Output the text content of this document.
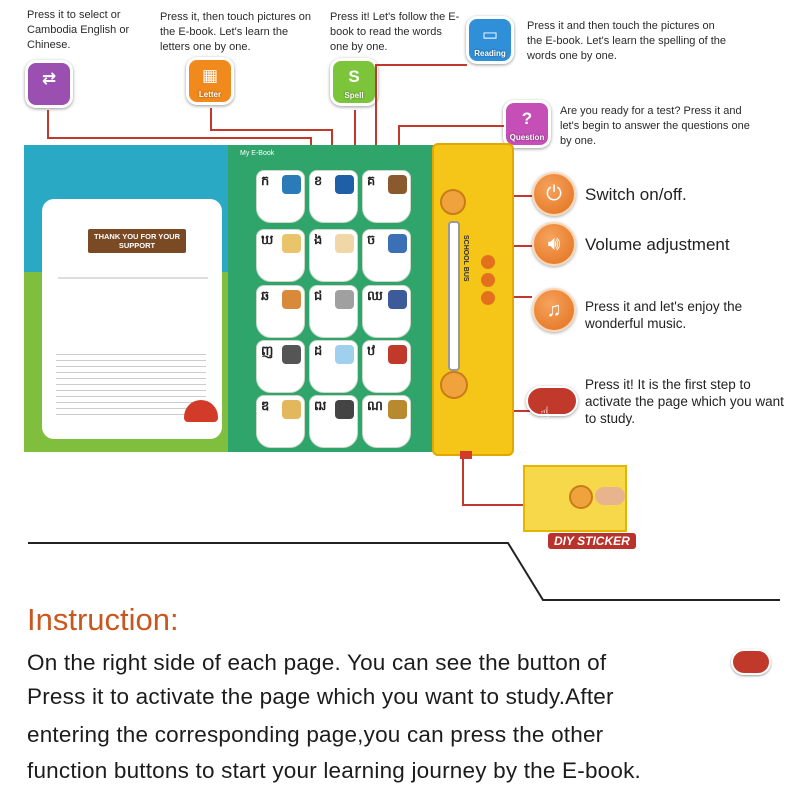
Press it to select or Cambodia English or Chinese.
Press it, then touch pictures on the E-book. Let's learn the letters one by one.
Press it! Let's follow the E-book to read the words one by one.
Press it and then touch the pictures on the E-book. Let's learn the spelling of the words one by one.
Are you ready for a test? Press it and let's begin to answer the questions one by one.
⇄	▦
Letter
S
Spell
▭
Reading
?
Question
THANK YOU FOR YOUR SUPPORT
My E-Book
ក	ខ	គ
ឃ	ង	ច
ឆ	ជ	ឈ
ញ	ដ	ឋ
ឌ	ឍ	ណ
SCHOOL BUS
⏻ Switch on/off.
🔊︎ Volume adjustment
♫ Press it and let's enjoy the wonderful music.
☝
Press it! It is the first step to activate the page which you want to study.
DIY STICKER
Instruction:
On the right side of each page. You can see the button of
Press it to activate the page which you want to study.After
entering the corresponding page,you can press the other
function buttons to start your learning journey by the E-book.
